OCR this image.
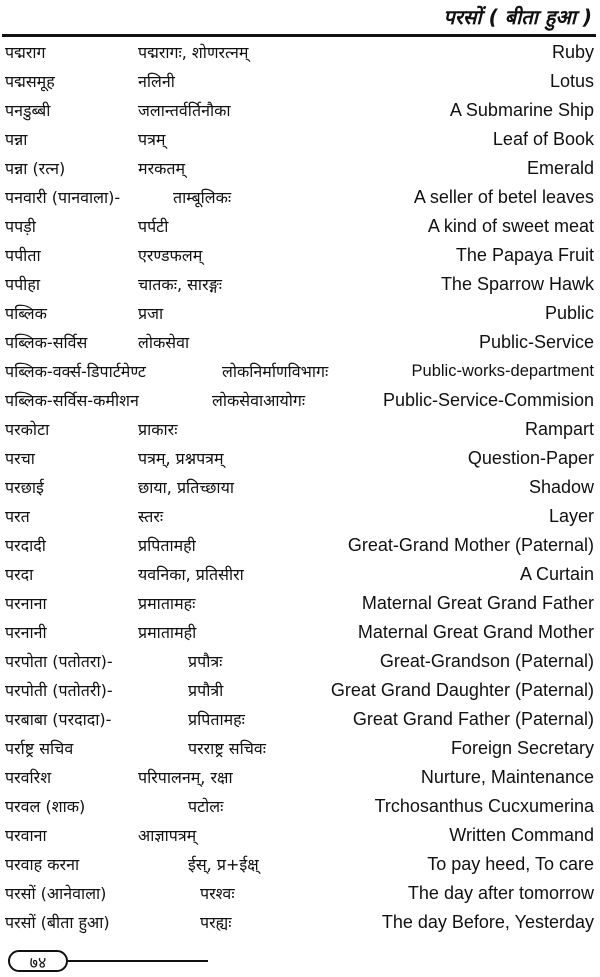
परसों ( बीता हुआ )
पद्मराग	पद्मरागः, शोणरत्नम्	Ruby
पद्मसमूह	नलिनी	Lotus
पनडुब्बी	जलान्तर्वर्तिनौका	A Submarine Ship
पन्ना	पत्रम्	Leaf of Book
पन्ना (रत्न)	मरकतम्	Emerald
पनवारी (पानवाला)-	ताम्बूलिकः	A seller of betel leaves
पपड़ी	पर्पटी	A kind of sweet meat
पपीता	एरण्डफलम्	The Papaya Fruit
पपीहा	चातकः, सारङ्गः	The Sparrow Hawk
पब्लिक	प्रजा	Public
पब्लिक-सर्विस	लोकसेवा	Public-Service
पब्लिक-वर्क्स-डिपार्टमेण्ट	लोकनिर्माणविभागः	Public-works-department
पब्लिक-सर्विस-कमीशन	लोकसेवाआयोगः	Public-Service-Commision
परकोटा	प्राकारः	Rampart
परचा	पत्रम्, प्रश्नपत्रम्	Question-Paper
परछाई	छाया, प्रतिच्छाया	Shadow
परत	स्तरः	Layer
परदादी	प्रपितामही	Great-Grand Mother (Paternal)
परदा	यवनिका, प्रतिसीरा	A Curtain
परनाना	प्रमातामहः	Maternal Great Grand Father
परनानी	प्रमातामही	Maternal Great Grand Mother
परपोता (पतोतरा)-	प्रपौत्रः	Great-Grandson (Paternal)
परपोती (पतोतरी)-	प्रपौत्री	Great Grand Daughter (Paternal)
परबाबा (परदादा)-	प्रपितामहः	Great Grand Father (Paternal)
पर्राष्ट्र सचिव	परराष्ट्र सचिवः	Foreign Secretary
परवरिश	परिपालनम्, रक्षा	Nurture, Maintenance
परवल (शाक)	पटोलः	Trchosanthus Cucxumerina
परवाना	आज्ञापत्रम्	Written Command
परवाह करना	ईस्, प्र+ईक्ष्	To pay heed, To care
परसों (आनेवाला)	परश्वः	The day after tomorrow
परसों (बीता हुआ)	परह्यः	The day Before, Yesterday
७४
